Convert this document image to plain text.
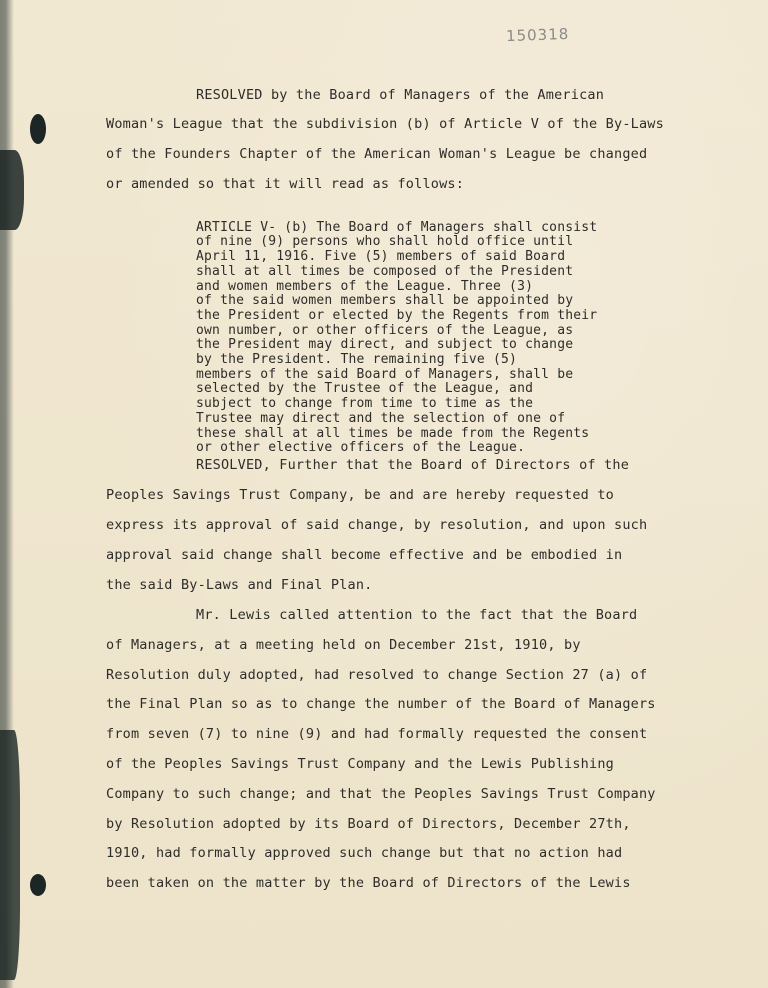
150318
RESOLVED by the Board of Managers of the American
Woman's League that the subdivision (b) of Article V of the By-Laws
of the Founders Chapter of the American Woman's League be changed
or amended so that it will read as follows:

ARTICLE V- (b) The Board of Managers shall consist
of nine (9) persons who shall hold office until
April 11, 1916. Five (5) members of said Board
shall at all times be composed of the President
and women members of the League. Three (3)
of the said women members shall be appointed by
the President or elected by the Regents from their
own number, or other officers of the League, as
the President may direct, and subject to change
by the President. The remaining five (5)
members of the said Board of Managers, shall be
selected by the Trustee of the League, and
subject to change from time to time as the
Trustee may direct and the selection of one of
these shall at all times be made from the Regents
or other elective officers of the League.
RESOLVED, Further that the Board of Directors of the
Peoples Savings Trust Company, be and are hereby requested to
express its approval of said change, by resolution, and upon such
approval said change shall become effective and be embodied in
the said By-Laws and Final Plan.
Mr. Lewis called attention to the fact that the Board
of Managers, at a meeting held on December 21st, 1910, by
Resolution duly adopted, had resolved to change Section 27 (a) of
the Final Plan so as to change the number of the Board of Managers
from seven (7) to nine (9) and had formally requested the consent
of the Peoples Savings Trust Company and the Lewis Publishing
Company to such change; and that the Peoples Savings Trust Company
by Resolution adopted by its Board of Directors, December 27th,
1910, had formally approved such change but that no action had
been taken on the matter by the Board of Directors of the Lewis
